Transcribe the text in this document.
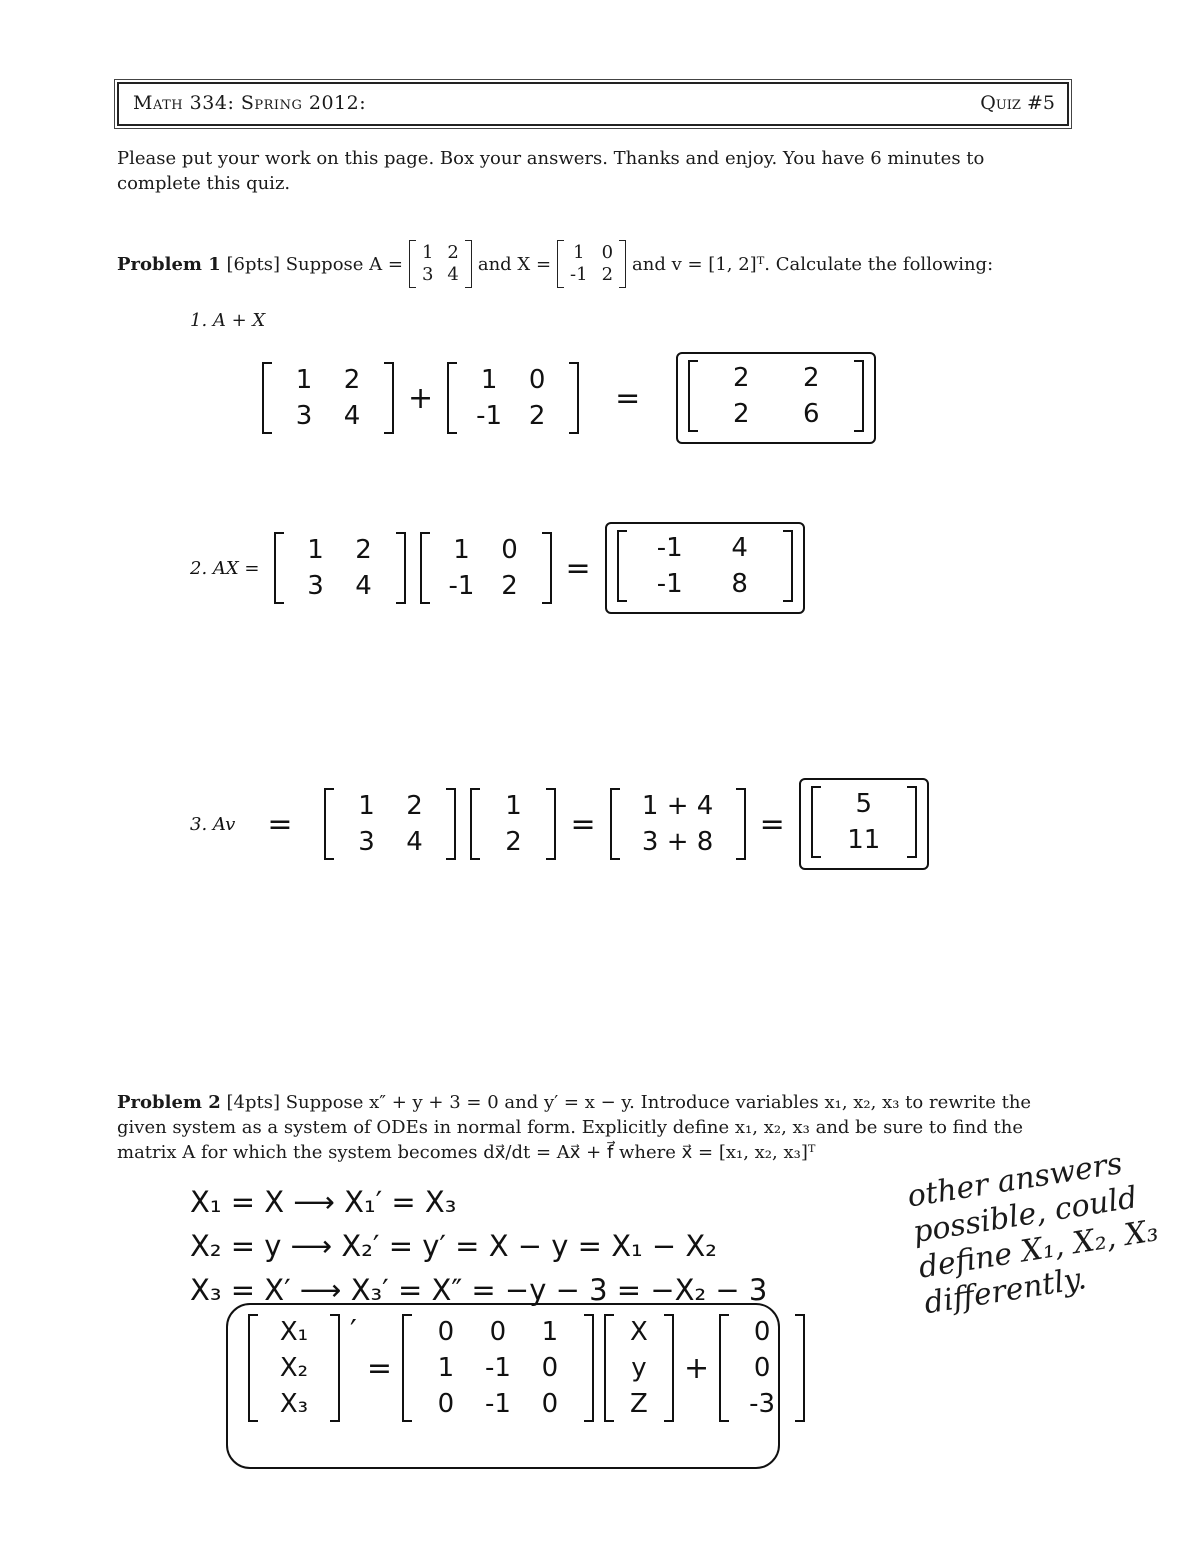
Math 334: Spring 2012:	Quiz #5
Please put your work on this page. Box your answers. Thanks and enjoy. You have 6 minutes to complete this quiz.
Problem 1
[6pts]
Suppose A =
1 2
3 4 and X =
1 0
-1 2 and v = [1, 2]ᵀ. Calculate the following:
1. A + X
1	2
3	4
+
1	0
-1	2
=
2	2
2	6
2. AX =
1	2
3	4
1	0
-1	2
=
-1	4
-1	8
3. Av =
1	2
3	4
1
2
=
1 + 4
3 + 8
=
5
11
Problem 2 [4pts] Suppose x″ + y + 3 = 0 and y′ = x − y. Introduce variables x₁, x₂, x₃ to rewrite the given system as a system of ODEs in normal form. Explicitly define x₁, x₂, x₃ and be sure to find the matrix A for which the system becomes dx⃗/dt = Ax⃗ + f⃗ where x⃗ = [x₁, x₂, x₃]ᵀ
X₁ = X ⟶ X₁′ = X₃
X₂ = y ⟶ X₂′ = y′ = X − y = X₁ − X₂
X₃ = X′ ⟶ X₃′ = X″ = −y − 3 = −X₂ − 3
other answers possible, could define X₁, X₂, X₃ differently.
X₁
X₂
X₃
′
=
0	0	1
1	-1	0
0	-1	0
X
y
Z
+
0
0
-3
